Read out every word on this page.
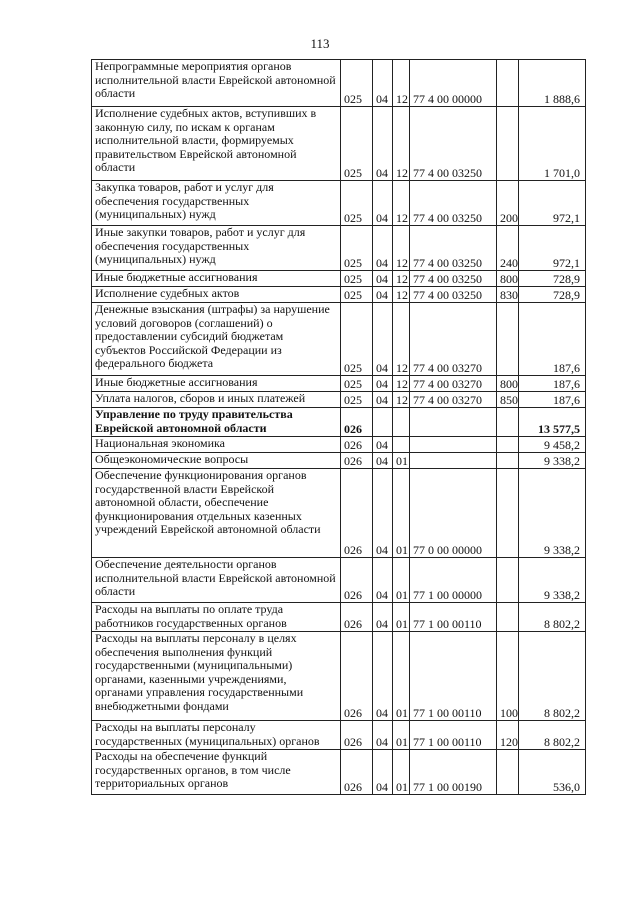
113
Непрограммные мероприятия органов исполнительной власти Еврейской автономной области	025	04	12	77 4 00 00000		1 888,6
Исполнение судебных актов, вступивших в законную силу, по искам к органам исполнительной власти, формируемых правительством Еврейской автономной области	025	04	12	77 4 00 03250		1 701,0
Закупка товаров, работ и услуг для обеспечения государственных (муниципальных) нужд	025	04	12	77 4 00 03250	200	972,1
Иные закупки товаров, работ и услуг для обеспечения государственных (муниципальных) нужд	025	04	12	77 4 00 03250	240	972,1
Иные бюджетные ассигнования	025	04	12	77 4 00 03250	800	728,9
Исполнение судебных актов	025	04	12	77 4 00 03250	830	728,9
Денежные взыскания (штрафы) за нарушение условий договоров (соглашений) о предоставлении субсидий бюджетам субъектов Российской Федерации из федерального бюджета	025	04	12	77 4 00 03270		187,6
Иные бюджетные ассигнования	025	04	12	77 4 00 03270	800	187,6
Уплата налогов, сборов и иных платежей	025	04	12	77 4 00 03270	850	187,6
Управление по труду правительства Еврейской автономной области	026					13 577,5
Национальная экономика	026	04				9 458,2
Общеэкономические вопросы	026	04	01			9 338,2
Обеспечение функционирования органов государственной власти Еврейской автономной области, обеспечение функционирования отдельных казенных учреждений Еврейской автономной области	026	04	01	77 0 00 00000		9 338,2
Обеспечение деятельности органов исполнительной власти Еврейской автономной области	026	04	01	77 1 00 00000		9 338,2
Расходы на выплаты по оплате труда работников государственных органов	026	04	01	77 1 00 00110		8 802,2
Расходы на выплаты персоналу в целях обеспечения выполнения функций государственными (муниципальными) органами, казенными учреждениями, органами управления государственными внебюджетными фондами	026	04	01	77 1 00 00110	100	8 802,2
Расходы на выплаты персоналу государственных (муниципальных) органов	026	04	01	77 1 00 00110	120	8 802,2
Расходы на обеспечение функций государственных органов, в том числе территориальных органов	026	04	01	77 1 00 00190		536,0
